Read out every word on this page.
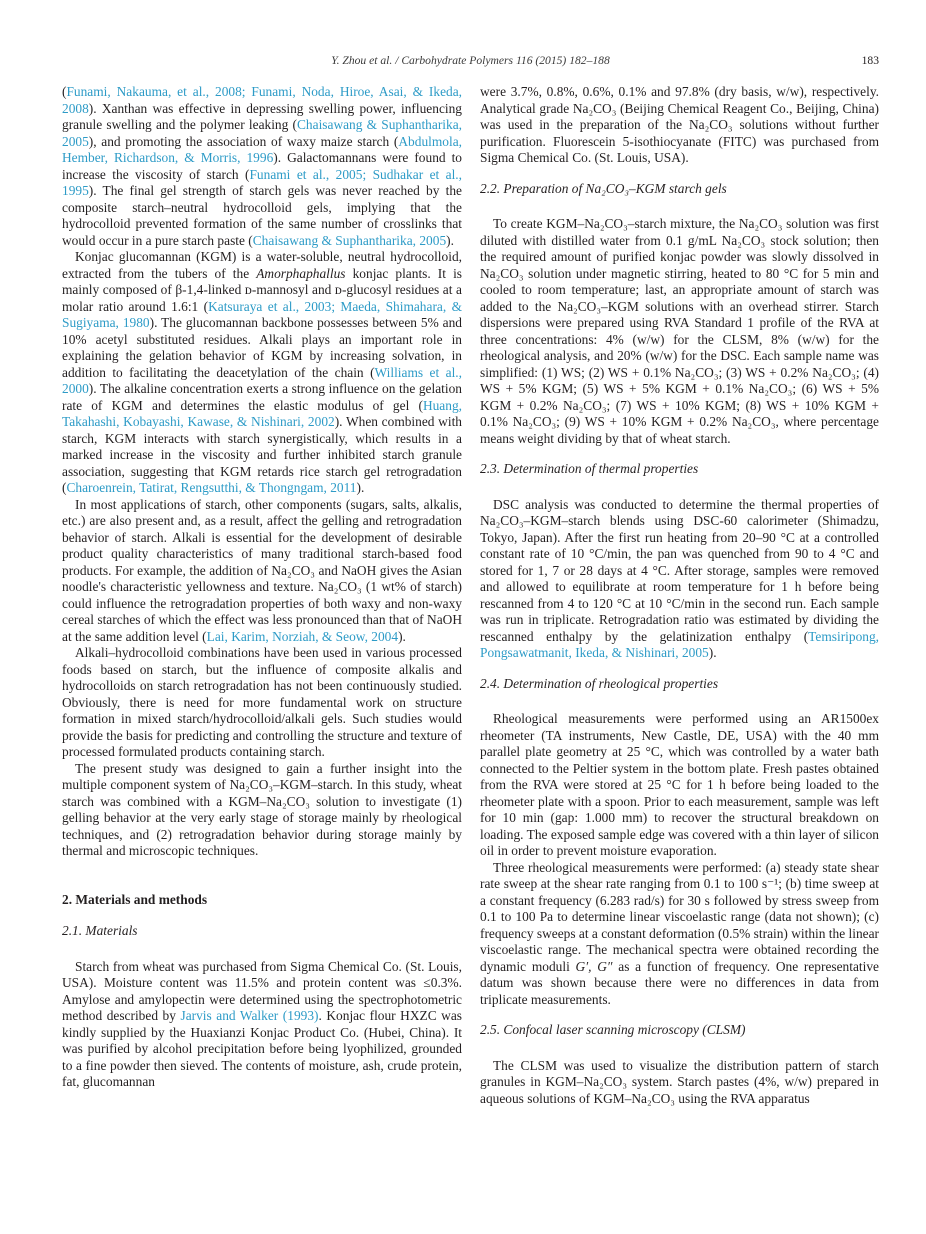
Y. Zhou et al. / Carbohydrate Polymers 116 (2015) 182–188	183

(Funami, Nakauma, et al., 2008; Funami, Noda, Hiroe, Asai, & Ikeda, 2008). Xanthan was effective in depressing swelling power, influencing granule swelling and the polymer leaking (Chaisawang & Suphantharika, 2005), and promoting the association of waxy maize starch (Abdulmola, Hember, Richardson, & Morris, 1996). Galactomannans were found to increase the viscosity of starch (Funami et al., 2005; Sudhakar et al., 1995). The final gel strength of starch gels was never reached by the composite starch–neutral hydrocolloid gels, implying that the hydrocolloid prevented formation of the same number of crosslinks that would occur in a pure starch paste (Chaisawang & Suphantharika, 2005).

Konjac glucomannan (KGM) is a water-soluble, neutral hydrocolloid, extracted from the tubers of the Amorphaphallus konjac plants. It is mainly composed of β-1,4-linked ᴅ-mannosyl and ᴅ-glucosyl residues at a molar ratio around 1.6:1 (Katsuraya et al., 2003; Maeda, Shimahara, & Sugiyama, 1980). The glucomannan backbone possesses between 5% and 10% acetyl substituted residues. Alkali plays an important role in explaining the gelation behavior of KGM by increasing solvation, in addition to facilitating the deacetylation of the chain (Williams et al., 2000). The alkaline concentration exerts a strong influence on the gelation rate of KGM and determines the elastic modulus of gel (Huang, Takahashi, Kobayashi, Kawase, & Nishinari, 2002). When combined with starch, KGM interacts with starch synergistically, which results in a marked increase in the viscosity and further inhibited starch granule association, suggesting that KGM retards rice starch gel retrogradation (Charoenrein, Tatirat, Rengsutthi, & Thongngam, 2011).

In most applications of starch, other components (sugars, salts, alkalis, etc.) are also present and, as a result, affect the gelling and retrogradation behavior of starch. Alkali is essential for the development of desirable product quality characteristics of many traditional starch-based food products. For example, the addition of Na₂CO₃ and NaOH gives the Asian noodle's characteristic yellowness and texture. Na₂CO₃ (1 wt% of starch) could influence the retrogradation properties of both waxy and non-waxy cereal starches of which the effect was less pronounced than that of NaOH at the same addition level (Lai, Karim, Norziah, & Seow, 2004).

Alkali–hydrocolloid combinations have been used in various processed foods based on starch, but the influence of composite alkalis and hydrocolloids on starch retrogradation has not been continuously studied. Obviously, there is need for more fundamental work on structure formation in mixed starch/hydrocolloid/alkali gels. Such studies would provide the basis for predicting and controlling the structure and texture of processed formulated products containing starch.

The present study was designed to gain a further insight into the multiple component system of Na₂CO₃–KGM–starch. In this study, wheat starch was combined with a KGM–Na₂CO₃ solution to investigate (1) gelling behavior at the very early stage of storage mainly by rheological techniques, and (2) retrogradation behavior during storage mainly by thermal and microscopic techniques.

2. Materials and methods
2.1. Materials

Starch from wheat was purchased from Sigma Chemical Co. (St. Louis, USA). Moisture content was 11.5% and protein content was ≤0.3%. Amylose and amylopectin were determined using the spectrophotometric method described by Jarvis and Walker (1993). Konjac flour HXZC was kindly supplied by the Huaxianzi Konjac Product Co. (Hubei, China). It was purified by alcohol precipitation before being lyophilized, grounded to a fine powder then sieved. The contents of moisture, ash, crude protein, fat, glucomannan

were 3.7%, 0.8%, 0.6%, 0.1% and 97.8% (dry basis, w/w), respectively. Analytical grade Na₂CO₃ (Beijing Chemical Reagent Co., Beijing, China) was used in the preparation of the Na₂CO₃ solutions without further purification. Fluorescein 5-isothiocyanate (FITC) was purchased from Sigma Chemical Co. (St. Louis, USA).

2.2. Preparation of Na₂CO₃–KGM starch gels

To create KGM–Na₂CO₃–starch mixture, the Na₂CO₃ solution was first diluted with distilled water from 0.1 g/mL Na₂CO₃ stock solution; then the required amount of purified konjac powder was slowly dissolved in Na₂CO₃ solution under magnetic stirring, heated to 80 °C for 5 min and cooled to room temperature; last, an appropriate amount of starch was added to the Na₂CO₃–KGM solutions with an overhead stirrer. Starch dispersions were prepared using RVA Standard 1 profile of the RVA at three concentrations: 4% (w/w) for the CLSM, 8% (w/w) for the rheological analysis, and 20% (w/w) for the DSC. Each sample name was simplified: (1) WS; (2) WS + 0.1% Na₂CO₃; (3) WS + 0.2% Na₂CO₃; (4) WS + 5% KGM; (5) WS + 5% KGM + 0.1% Na₂CO₃; (6) WS + 5% KGM + 0.2% Na₂CO₃; (7) WS + 10% KGM; (8) WS + 10% KGM + 0.1% Na₂CO₃; (9) WS + 10% KGM + 0.2% Na₂CO₃, where percentage means weight dividing by that of wheat starch.

2.3. Determination of thermal properties

DSC analysis was conducted to determine the thermal properties of Na₂CO₃–KGM–starch blends using DSC-60 calorimeter (Shimadzu, Tokyo, Japan). After the first run heating from 20–90 °C at a controlled constant rate of 10 °C/min, the pan was quenched from 90 to 4 °C and stored for 1, 7 or 28 days at 4 °C. After storage, samples were removed and allowed to equilibrate at room temperature for 1 h before being rescanned from 4 to 120 °C at 10 °C/min in the second run. Each sample was run in triplicate. Retrogradation ratio was estimated by dividing the rescanned enthalpy by the gelatinization enthalpy (Temsiripong, Pongsawatmanit, Ikeda, & Nishinari, 2005).

2.4. Determination of rheological properties

Rheological measurements were performed using an AR1500ex rheometer (TA instruments, New Castle, DE, USA) with the 40 mm parallel plate geometry at 25 °C, which was controlled by a water bath connected to the Peltier system in the bottom plate. Fresh pastes obtained from the RVA were stored at 25 °C for 1 h before being loaded to the rheometer plate with a spoon. Prior to each measurement, sample was left for 10 min (gap: 1.000 mm) to recover the structural breakdown on loading. The exposed sample edge was covered with a thin layer of silicon oil in order to prevent moisture evaporation.

Three rheological measurements were performed: (a) steady state shear rate sweep at the shear rate ranging from 0.1 to 100 s⁻¹; (b) time sweep at a constant frequency (6.283 rad/s) for 30 s followed by stress sweep from 0.1 to 100 Pa to determine linear viscoelastic range (data not shown); (c) frequency sweeps at a constant deformation (0.5% strain) within the linear viscoelastic range. The mechanical spectra were obtained recording the dynamic moduli G′, G″ as a function of frequency. One representative datum was shown because there were no differences in data from triplicate measurements.

2.5. Confocal laser scanning microscopy (CLSM)

The CLSM was used to visualize the distribution pattern of starch granules in KGM–Na₂CO₃ system. Starch pastes (4%, w/w) prepared in aqueous solutions of KGM–Na₂CO₃ using the RVA apparatus
